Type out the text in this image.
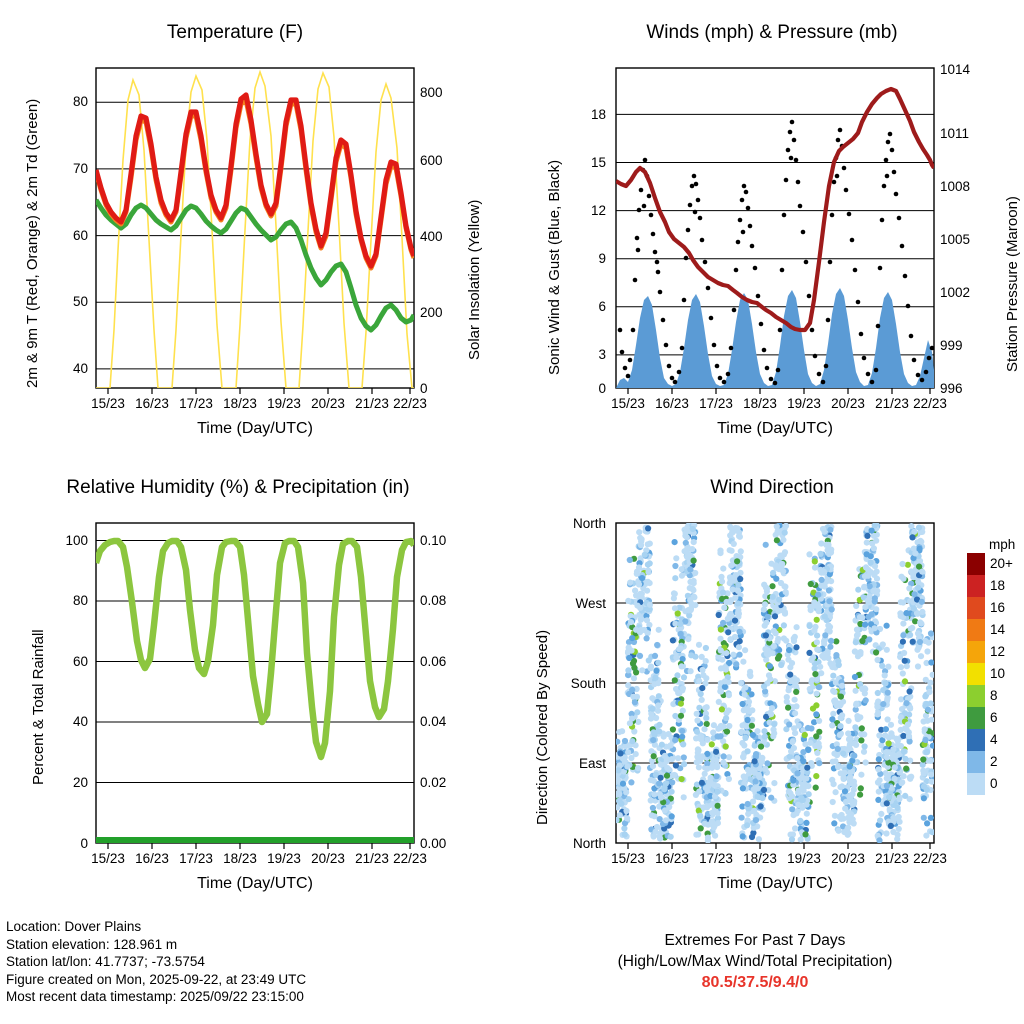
Temperature (F)
40
50
60
70
80
0
200
400
600
800
15/23 16/23 17/23 18/23 19/23 20/23 21/23 22/23
Time (Day/UTC)
2m & 9m T (Red, Orange) & 2m Td (Green)	Solar Insolation (Yellow)
Winds (mph) & Pressure (mb)
0
3
6
9
12
15
18
996
999
1002
1005
1008
1011
1014
15/23 16/23 17/23 18/23 19/23 20/23 21/23 22/23
Time (Day/UTC)
Sonic Wind & Gust (Blue, Black)	Station Pressure (Maroon)
Relative Humidity (%) & Precipitation (in)
0
20
40
60
80
100
0.00
0.02
0.04
0.06
0.08
0.10
15/23 16/23 17/23 18/23 19/23 20/23 21/23 22/23
Time (Day/UTC)
Percent & Total Rainfall
Wind Direction
North
East
South
West
North
15/23 16/23 17/23 18/23 19/23 20/23 21/23 22/23
Time (Day/UTC)
Direction (Colored By Speed)
mph
20+
18
16
14
12
10
8
6
4
2
0
Location: Dover Plains
Station elevation: 128.961 m
Station lat/lon: 41.7737; -73.5754
Figure created on Mon, 2025-09-22, at 23:49 UTC
Most recent data timestamp: 2025/09/22 23:15:00
Extremes For Past 7 Days
(High/Low/Max Wind/Total Precipitation)
80.5/37.5/9.4/0
